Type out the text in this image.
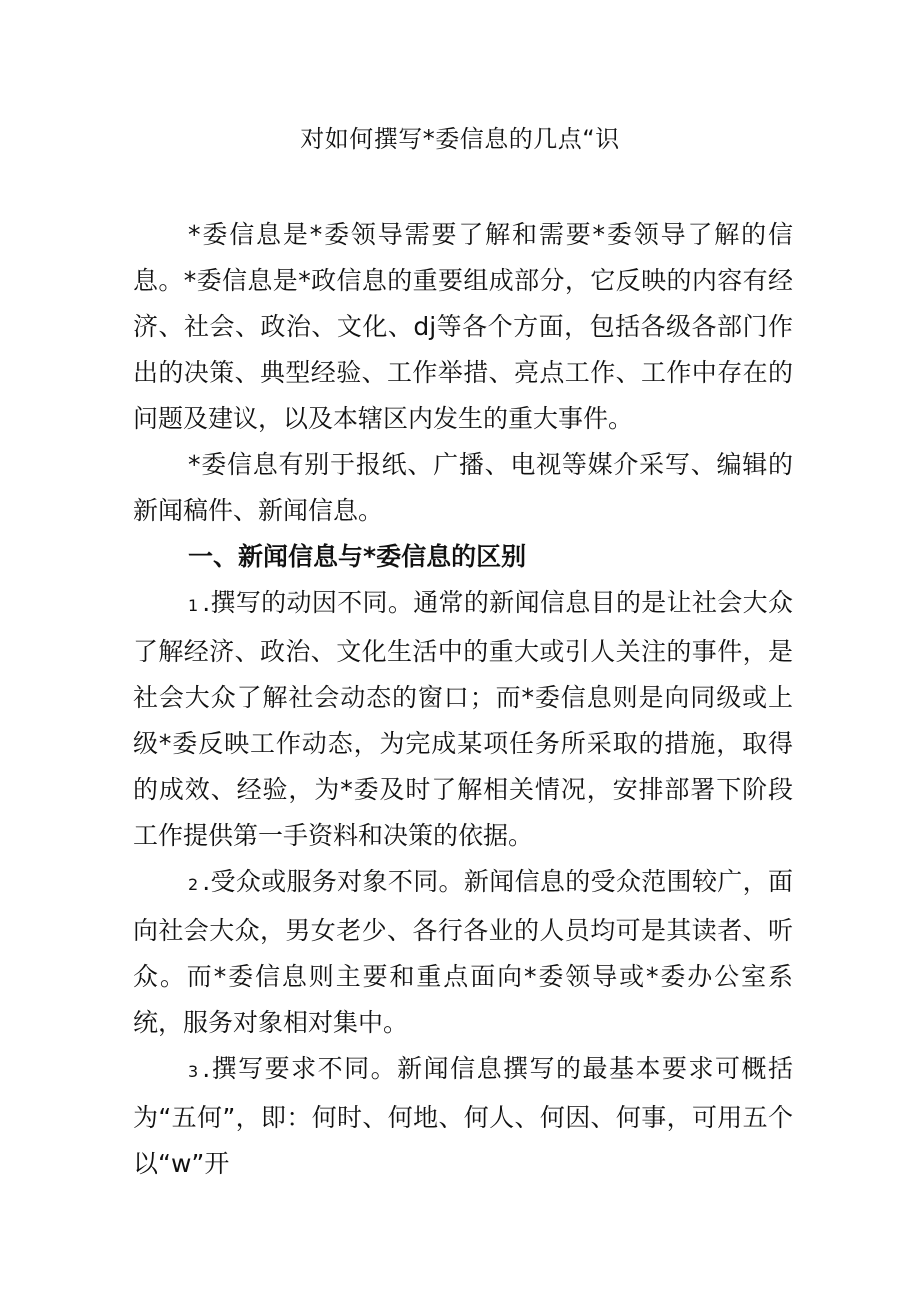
对如何撰写*委信息的几点“识

*委信息是*委领导需要了解和需要*委领导了解的信息。*委信息是*政信息的重要组成部分，它反映的内容有经济、社会、政治、文化、dj等各个方面，包括各级各部门作出的决策、典型经验、工作举措、亮点工作、工作中存在的问题及建议，以及本辖区内发生的重大事件。

*委信息有别于报纸、广播、电视等媒介采写、编辑的新闻稿件、新闻信息。

一、新闻信息与*委信息的区别

1.撰写的动因不同。通常的新闻信息目的是让社会大众了解经济、政治、文化生活中的重大或引人关注的事件，是社会大众了解社会动态的窗口；而*委信息则是向同级或上级*委反映工作动态，为完成某项任务所采取的措施，取得的成效、经验，为*委及时了解相关情况，安排部署下阶段工作提供第一手资料和决策的依据。

2.受众或服务对象不同。新闻信息的受众范围较广，面向社会大众，男女老少、各行各业的人员均可是其读者、听众。而*委信息则主要和重点面向*委领导或*委办公室系统，服务对象相对集中。

3.撰写要求不同。新闻信息撰写的最基本要求可概括为“五何”，即：何时、何地、何人、何因、何事，可用五个以“w”开
